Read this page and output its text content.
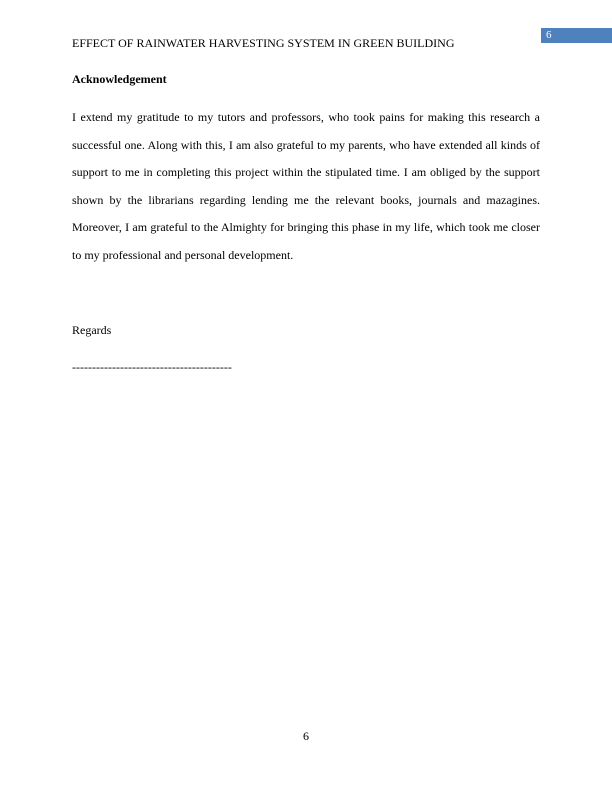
6
EFFECT OF RAINWATER HARVESTING SYSTEM IN GREEN BUILDING
Acknowledgement

I extend my gratitude to my tutors and professors, who took pains for making this research a successful one. Along with this, I am also grateful to my parents, who have extended all kinds of support to me in completing this project within the stipulated time. I am obliged by the support shown by the librarians regarding lending me the relevant books, journals and mazagines. Moreover, I am grateful to the Almighty for bringing this phase in my life, which took me closer to my professional and personal development.

Regards

----------------------------------------

6
